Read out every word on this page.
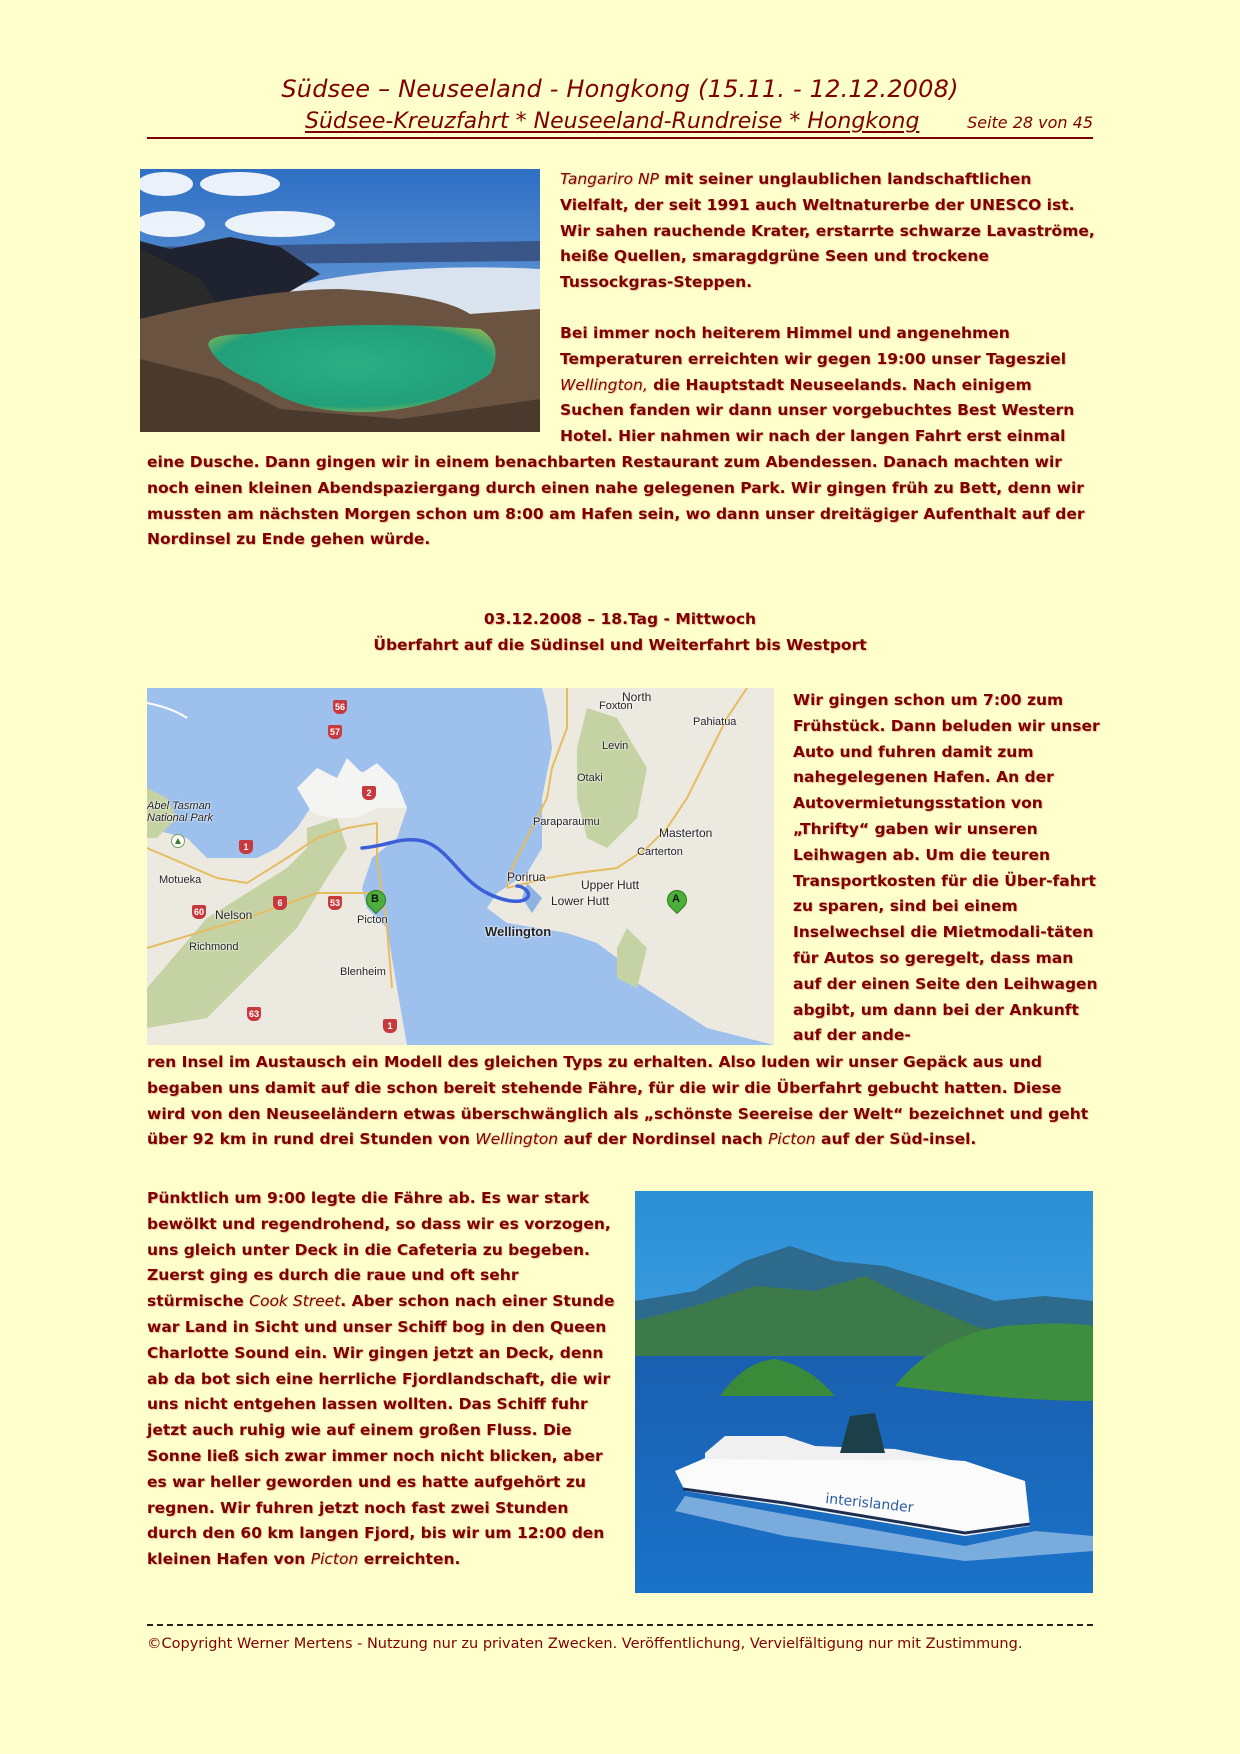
Südsee – Neuseeland - Hongkong (15.11. - 12.12.2008)
Südsee-Kreuzfahrt * Neuseeland-Rundreise * Hongkong	Seite 28 von 45
Tangariro NP mit seiner unglaublichen landschaftlichen Vielfalt, der seit 1991 auch Weltnaturerbe der UNESCO ist. Wir sahen rauchende Krater, erstarrte schwarze Lavaströme, heiße Quellen, smaragdgrüne Seen und trockene Tussockgras-Steppen.
Bei immer noch heiterem Himmel und angenehmen Temperaturen erreichten wir gegen 19:00 unser Tagesziel Wellington, die Hauptstadt Neuseelands. Nach einigem Suchen fanden wir dann unser vorgebuchtes Best Western Hotel. Hier nahmen wir nach der langen Fahrt erst einmal
eine Dusche. Dann gingen wir in einem benachbarten Restaurant zum Abendessen. Danach machten wir noch einen kleinen Abendspaziergang durch einen nahe gelegenen Park. Wir gingen früh zu Bett, denn wir mussten am nächsten Morgen schon um 8:00 am Hafen sein, wo dann unser dreitägiger Aufenthalt auf der Nordinsel zu Ende gehen würde.
03.12.2008 – 18.Tag - Mittwoch
Überfahrt auf die Südinsel und Weiterfahrt bis Westport
North
Foxton
Pahiatua
Levin
Otaki
Paraparaumu
Masterton
Carterton
Porirua
Upper Hutt
Lower Hutt
Wellington
Abel Tasman
National Park
▲
Motueka
Nelson
Richmond
Picton
Blenheim
56
57
2
1
53
60
6
63
1
B	A
Wir gingen schon um 7:00 zum Frühstück. Dann beluden wir unser Auto und fuhren damit zum nahegelegenen Hafen. An der Autovermietungsstation von „Thrifty“ gaben wir unseren Leihwagen ab. Um die teuren Transportkosten für die Über-fahrt zu sparen, sind bei einem Inselwechsel die Mietmodali-täten für Autos so geregelt, dass man auf der einen Seite den Leihwagen abgibt, um dann bei der Ankunft auf der ande-
ren Insel im Austausch ein Modell des gleichen Typs zu erhalten. Also luden wir unser Gepäck aus und begaben uns damit auf die schon bereit stehende Fähre, für die wir die Überfahrt gebucht hatten. Diese wird von den Neuseeländern etwas überschwänglich als „schönste Seereise der Welt“ bezeichnet und geht über 92 km in rund drei Stunden von Wellington auf der Nordinsel nach Picton auf der Süd-insel.
Pünktlich um 9:00 legte die Fähre ab. Es war stark bewölkt und regendrohend, so dass wir es vorzogen, uns gleich unter Deck in die Cafeteria zu begeben. Zuerst ging es durch die raue und oft sehr stürmische Cook Street. Aber schon nach einer Stunde war Land in Sicht und unser Schiff bog in den Queen Charlotte Sound ein. Wir gingen jetzt an Deck, denn ab da bot sich eine herrliche Fjordlandschaft, die wir uns nicht entgehen lassen wollten. Das Schiff fuhr jetzt auch ruhig wie auf einem großen Fluss. Die Sonne ließ sich zwar immer noch nicht blicken, aber es war heller geworden und es hatte aufgehört zu regnen. Wir fuhren jetzt noch fast zwei Stunden durch den 60 km langen Fjord, bis wir um 12:00 den kleinen Hafen von Picton erreichten.
interislander
©Copyright Werner Mertens - Nutzung nur zu privaten Zwecken. Veröffentlichung, Vervielfältigung nur mit Zustimmung.
